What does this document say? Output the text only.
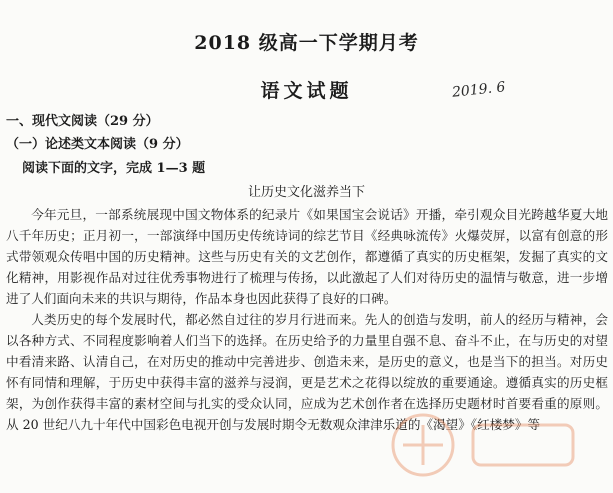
2018 级高一下学期月考
语文试题	2019. 6
一、现代文阅读（29 分）
（一）论述类文本阅读（9 分）
阅读下面的文字，完成 1—3 题
让历史文化滋养当下

今年元旦，一部系统展现中国文物体系的纪录片《如果国宝会说话》开播，牵引观众目光跨越华夏大地八千年历史；正月初一，一部演绎中国历史传统诗词的综艺节目《经典咏流传》火爆荧屏，以富有创意的形式带领观众传唱中国的历史精神。这些与历史有关的文艺创作，都遵循了真实的历史框架，发掘了真实的文化精神，用影视作品对过往优秀事物进行了梳理与传扬，以此激起了人们对待历史的温情与敬意，进一步增进了人们面向未来的共识与期待，作品本身也因此获得了良好的口碑。

人类历史的每个发展时代，都必然自过往的岁月行进而来。先人的创造与发明，前人的经历与精神，会以各种方式、不同程度影响着人们当下的选择。在历史给予的力量里自强不息、奋斗不止，在与历史的对望中看清来路、认清自己，在对历史的推动中完善进步、创造未来，是历史的意义，也是当下的担当。对历史怀有同情和理解，于历史中获得丰富的滋养与浸润，更是艺术之花得以绽放的重要通途。遵循真实的历史框架，为创作获得丰富的素材空间与扎实的受众认同，应成为艺术创作者在选择历史题材时首要看重的原则。从 20 世纪八九十年代中国彩色电视开创与发展时期令无数观众津津乐道的《渴望》《红楼梦》等
